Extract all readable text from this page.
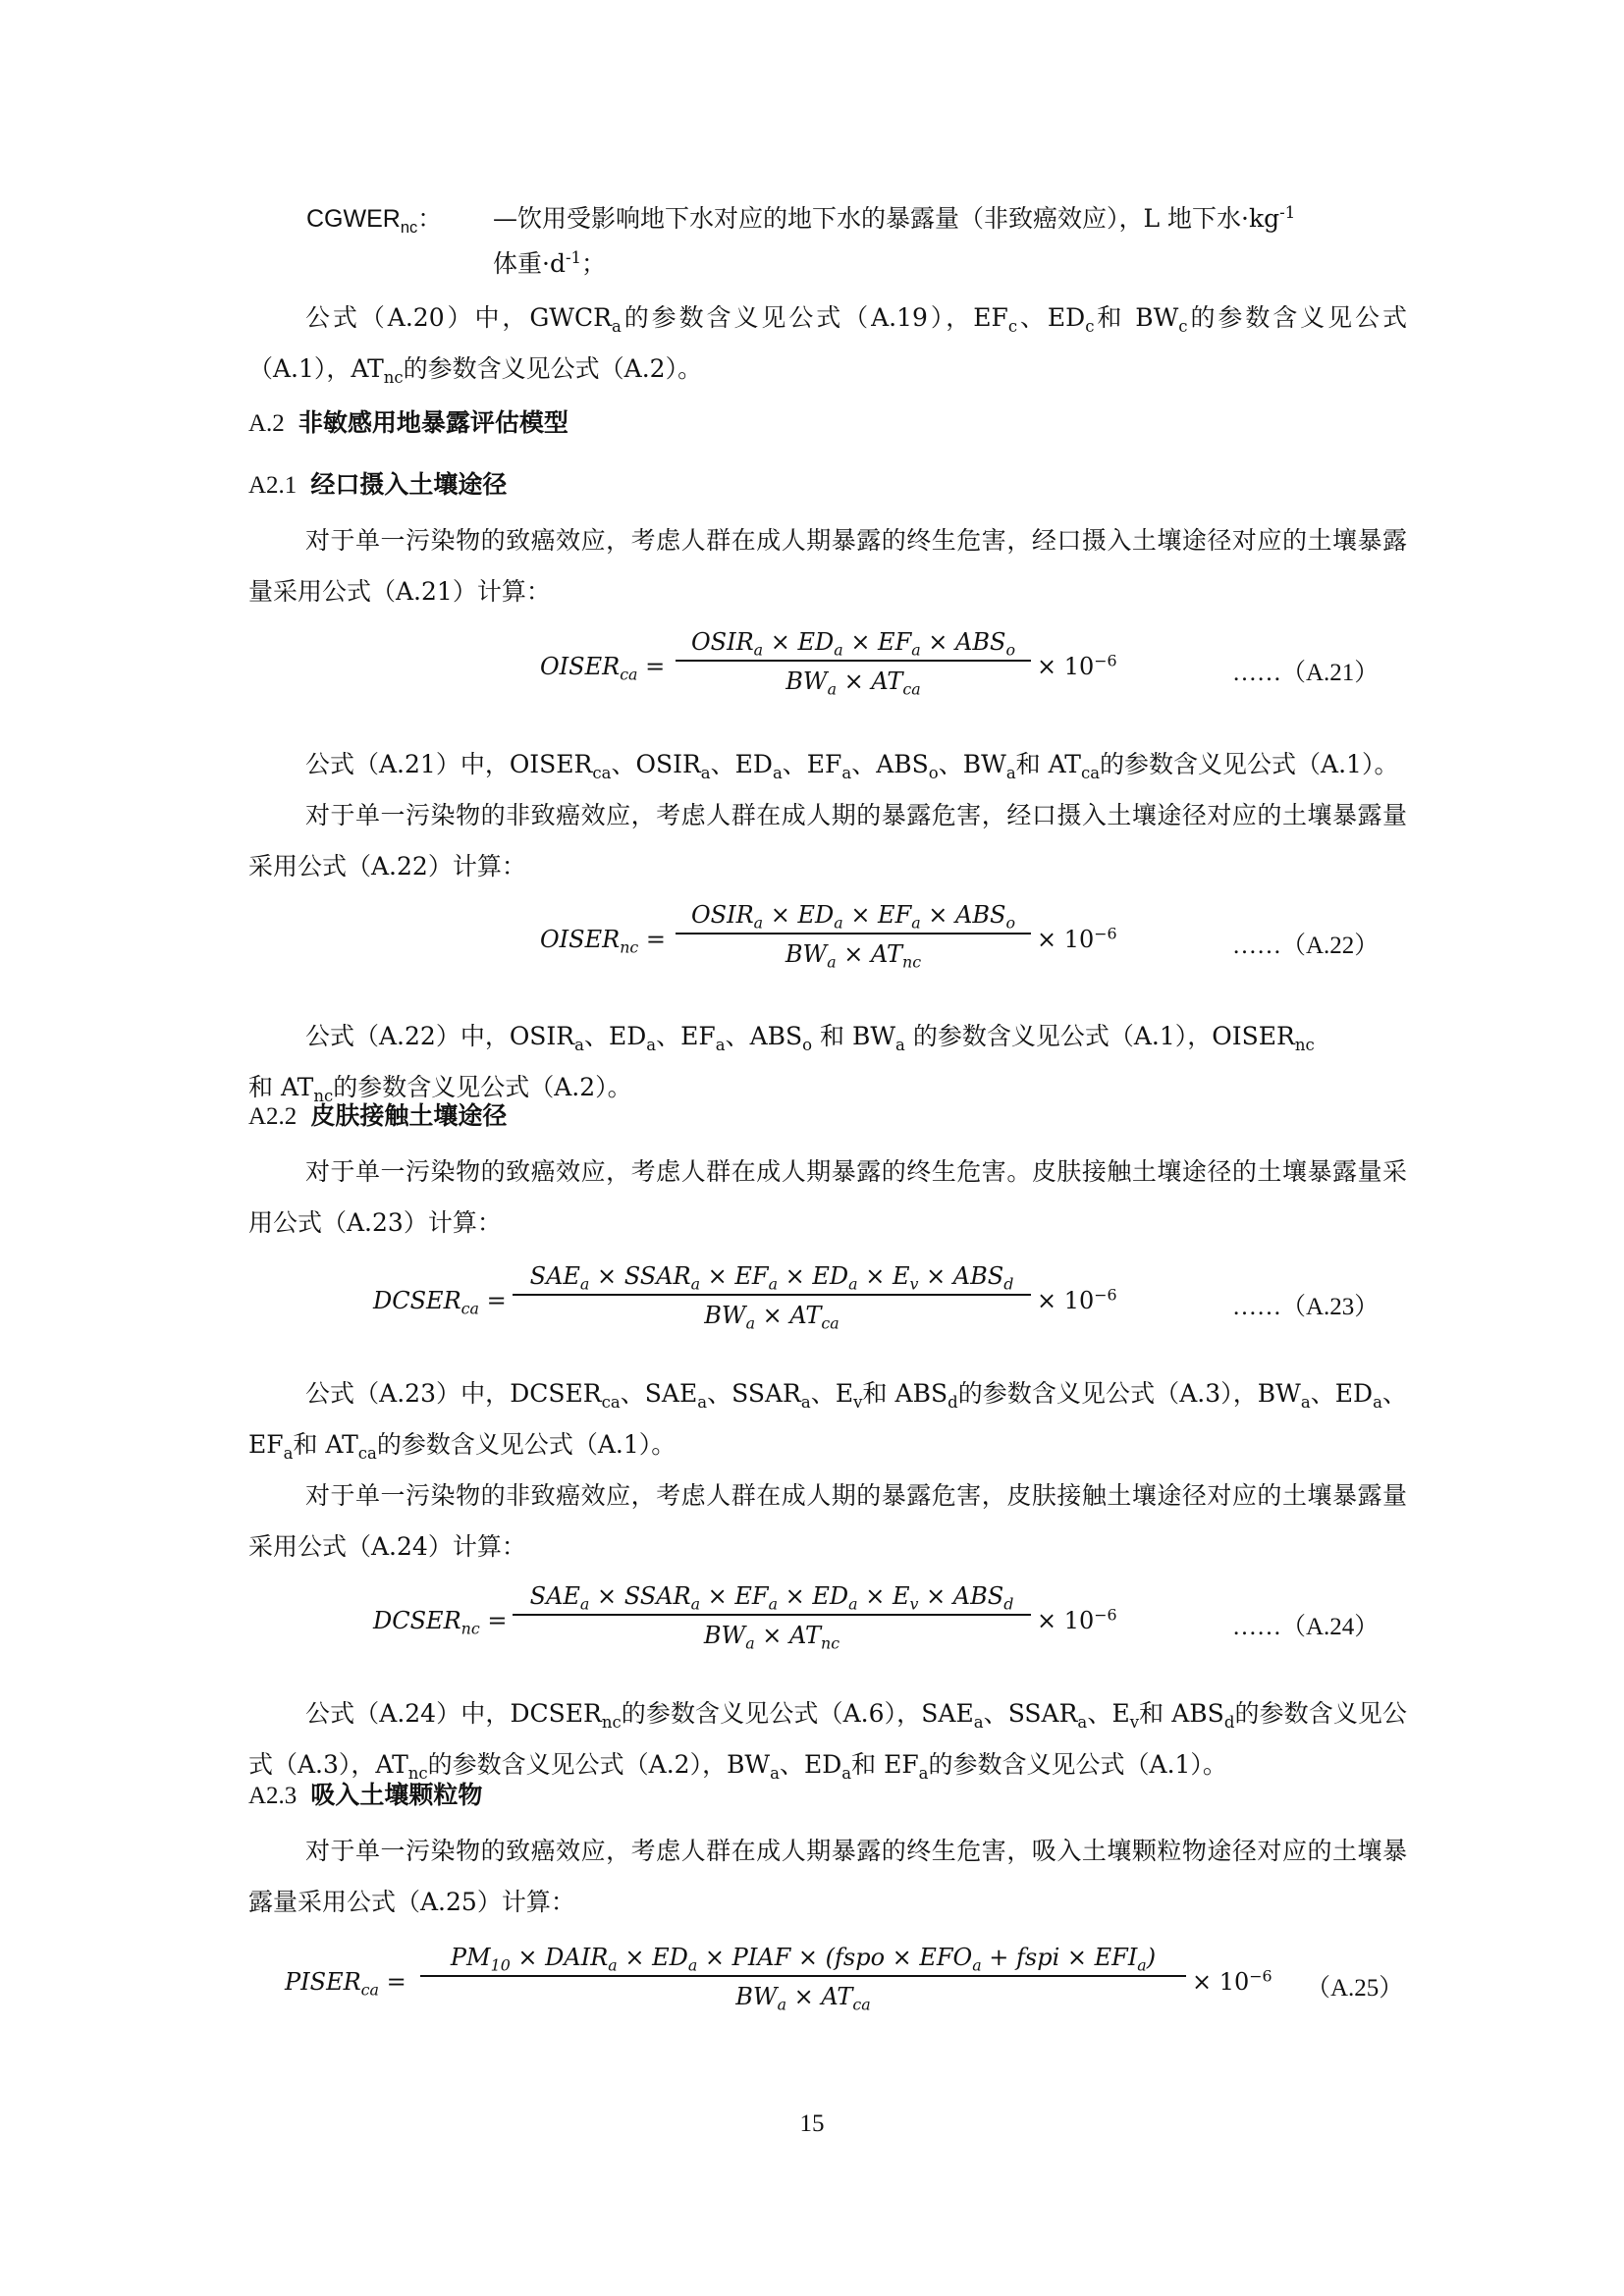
$CGWER_{nc}$： —饮用受影响地下水对应的地下水的暴露量（非致癌效应），L 地下水$\cdot kg^{-1}$
体重$\cdot d^{-1}$；
公式（A.20）中，$GWCR_a$的参数含义见公式（A.19），$EF_c$、$ED_c$和 $BW_c$的参数含义见公式（A.1），$AT_{nc}$的参数含义见公式（A.2）。
A.2 非敏感用地暴露评估模型
A2.1 经口摄入土壤途径
对于单一污染物的致癌效应，考虑人群在成人期暴露的终生危害，经口摄入土壤途径对应的土壤暴露量采用公式（A.21）计算：
$OISER_{ca}$ =
$OSIR_a \times ED_a \times EF_a \times ABS_o$
$BW_a \times AT_{ca}$
× $10^{-6}$	……（A.21）
公式（A.21）中，$OISER_{ca}$、$OSIR_a$、$ED_a$、$EF_a$、$ABS_o$、$BW_a$和 $AT_{ca}$的参数含义见公式（A.1）。
对于单一污染物的非致癌效应，考虑人群在成人期的暴露危害，经口摄入土壤途径对应的土壤暴露量采用公式（A.22）计算：
$OISER_{nc}$ =
$OSIR_a \times ED_a \times EF_a \times ABS_o$
$BW_a \times AT_{nc}$
× $10^{-6}$	……（A.22）
公式（A.22）中，$OSIR_a$、$ED_a$、$EF_a$、$ABS_o$ 和 $BW_a$ 的参数含义见公式（A.1），$OISER_{nc}$
和 $AT_{nc}$的参数含义见公式（A.2）。
A2.2 皮肤接触土壤途径
对于单一污染物的致癌效应，考虑人群在成人期暴露的终生危害。皮肤接触土壤途径的土壤暴露量采用公式（A.23）计算：
$DCSER_{ca}$ =
$SAE_a$ × $SSAR_a \times EF_a \times ED_a \times E_v \times ABS_d$
$BW_a \times AT_{ca}$
× $10^{-6}$	……（A.23）
公式（A.23）中，$DCSER_{ca}$、$SAE_a$、$SSAR_a$、$E_v$和 $ABS_d$的参数含义见公式（A.3），$BW_a$、$ED_a$、$EF_a$和 $AT_{ca}$的参数含义见公式（A.1）。
对于单一污染物的非致癌效应，考虑人群在成人期的暴露危害，皮肤接触土壤途径对应的土壤暴露量采用公式（A.24）计算：
$DCSER_{nc}$ =
$SAE_a$ × $SSAR_a \times EF_a \times ED_a \times E_v \times ABS_d$
$BW_a \times AT_{nc}$
× $10^{-6}$	……（A.24）
公式（A.24）中，$DCSER_{nc}$的参数含义见公式（A.6），$SAE_a$、$SSAR_a$、$E_v$和 $ABS_d$的参数含义见公式（A.3），$AT_{nc}$的参数含义见公式（A.2），$BW_a$、$ED_a$和 $EF_a$的参数含义见公式（A.1）。
A2.3 吸入土壤颗粒物
对于单一污染物的致癌效应，考虑人群在成人期暴露的终生危害，吸入土壤颗粒物途径对应的土壤暴露量采用公式（A.25）计算：
$PISER_{ca}$ =
$PM_{10}$ × $DAIR_a \times ED_a$ × PIAF × (fspo × $EFO_a$ + fspi × $EFI_a$)
$BW_a \times AT_{ca}$
× $10^{-6}$ （A.25）
15
